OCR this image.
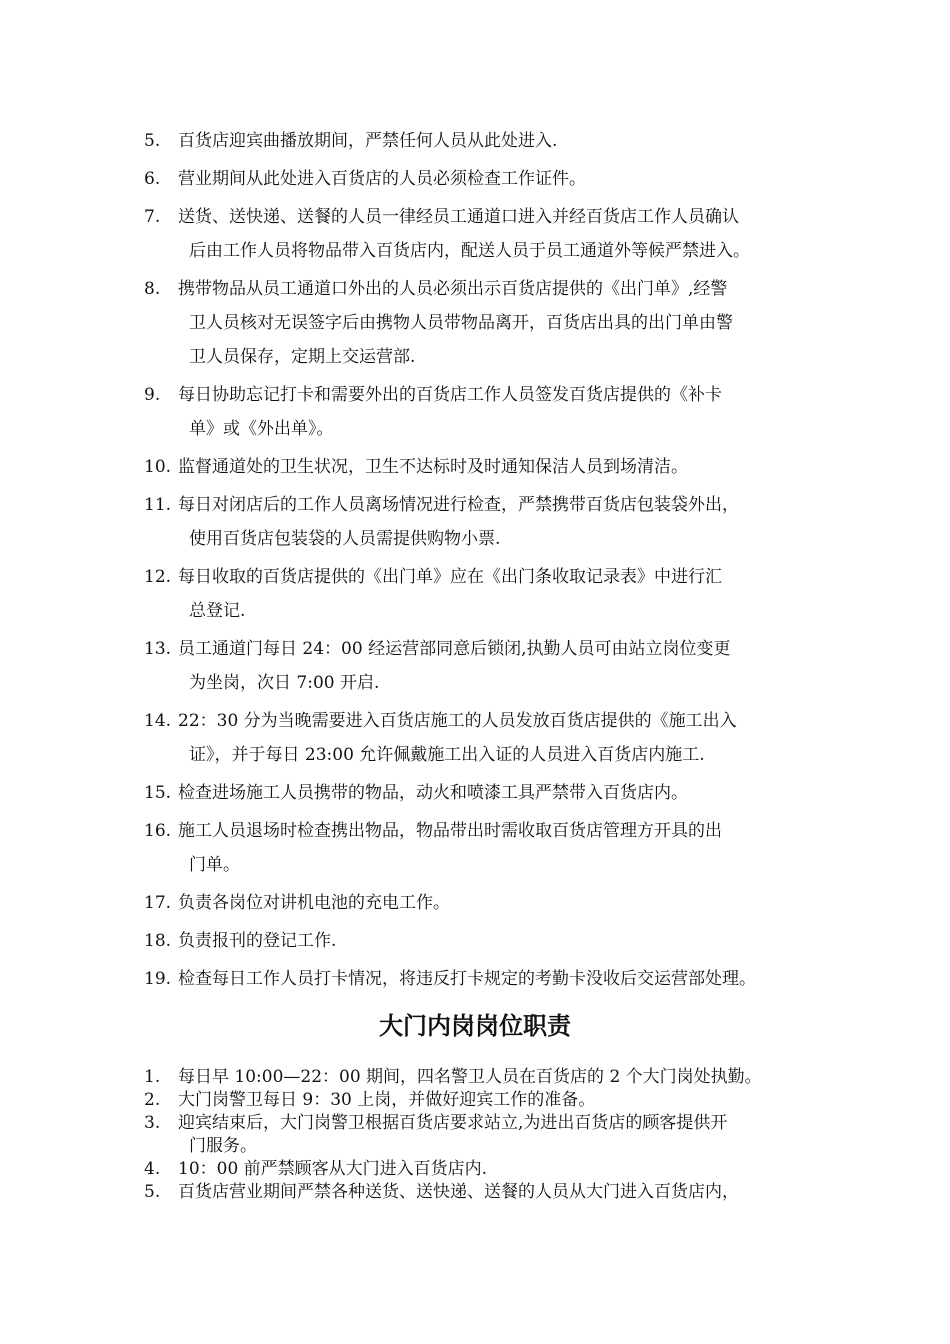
5.	百货店迎宾曲播放期间，严禁任何人员从此处进入.
6.	营业期间从此处进入百货店的人员必须检查工作证件。
7.	送货、送快递、送餐的人员一律经员工通道口进入并经百货店工作人员确认
后由工作人员将物品带入百货店内，配送人员于员工通道外等候严禁进入。
8.	携带物品从员工通道口外出的人员必须出示百货店提供的《出门单》,经警
卫人员核对无误签字后由携物人员带物品离开，百货店出具的出门单由警
卫人员保存，定期上交运营部.
9.	每日协助忘记打卡和需要外出的百货店工作人员签发百货店提供的《补卡
单》或《外出单》。
10. 监督通道处的卫生状况，卫生不达标时及时通知保洁人员到场清洁。
11. 每日对闭店后的工作人员离场情况进行检查，严禁携带百货店包装袋外出，
使用百货店包装袋的人员需提供购物小票.
12. 每日收取的百货店提供的《出门单》应在《出门条收取记录表》中进行汇
总登记.
13. 员工通道门每日 24：00 经运营部同意后锁闭,执勤人员可由站立岗位变更
为坐岗，次日 7:00 开启.
14. 22：30 分为当晚需要进入百货店施工的人员发放百货店提供的《施工出入
证》，并于每日 23:00 允许佩戴施工出入证的人员进入百货店内施工.
15. 检查进场施工人员携带的物品，动火和喷漆工具严禁带入百货店内。
16. 施工人员退场时检查携出物品，物品带出时需收取百货店管理方开具的出
门单。
17. 负责各岗位对讲机电池的充电工作。
18. 负责报刊的登记工作.
19. 检查每日工作人员打卡情况，将违反打卡规定的考勤卡没收后交运营部处理。
大门内岗岗位职责
1.	每日早 10:00—22：00 期间，四名警卫人员在百货店的 2 个大门岗处执勤。
2.	大门岗警卫每日 9：30 上岗，并做好迎宾工作的准备。
3.	迎宾结束后，大门岗警卫根据百货店要求站立,为进出百货店的顾客提供开
门服务。
4.	10：00 前严禁顾客从大门进入百货店内.
5.	百货店营业期间严禁各种送货、送快递、送餐的人员从大门进入百货店内，
